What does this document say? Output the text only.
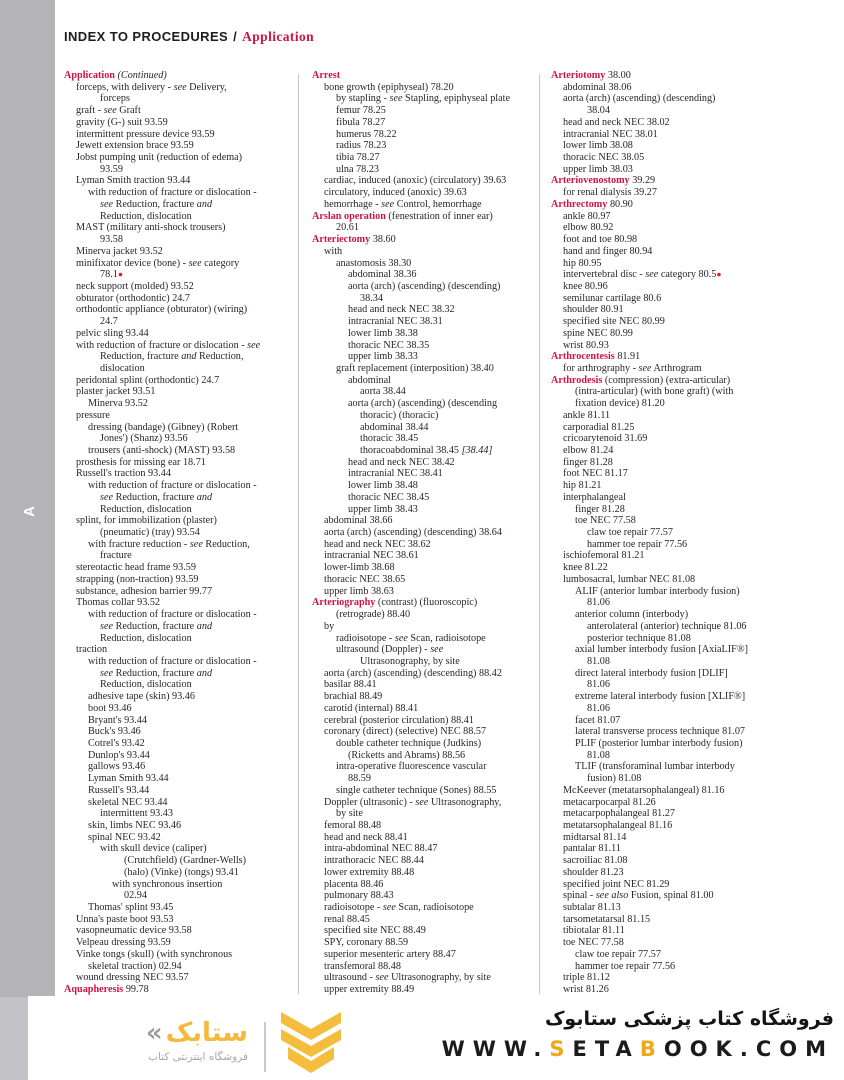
A
INDEX TO PROCEDURES / Application
Application (Continued)
forceps, with delivery - see Delivery,
forceps
graft - see Graft
gravity (G-) suit 93.59
intermittent pressure device 93.59
Jewett extension brace 93.59
Jobst pumping unit (reduction of edema)
93.59
Lyman Smith traction 93.44
with reduction of fracture or dislocation -
see Reduction, fracture and
Reduction, dislocation
MAST (military anti-shock trousers)
93.58
Minerva jacket 93.52
minifixator device (bone) - see category
78.1●
neck support (molded) 93.52
obturator (orthodontic) 24.7
orthodontic appliance (obturator) (wiring)
24.7
pelvic sling 93.44
with reduction of fracture or dislocation - see
Reduction, fracture and Reduction,
dislocation
peridontal splint (orthodontic) 24.7
plaster jacket 93.51
Minerva 93.52
pressure
dressing (bandage) (Gibney) (Robert
Jones') (Shanz) 93.56
trousers (anti-shock) (MAST) 93.58
prosthesis for missing ear 18.71
Russell's traction 93.44
with reduction of fracture or dislocation -
see Reduction, fracture and
Reduction, dislocation
splint, for immobilization (plaster)
(pneumatic) (tray) 93.54
with fracture reduction - see Reduction,
fracture
stereotactic head frame 93.59
strapping (non-traction) 93.59
substance, adhesion barrier 99.77
Thomas collar 93.52
with reduction of fracture or dislocation -
see Reduction, fracture and
Reduction, dislocation
traction
with reduction of fracture or dislocation -
see Reduction, fracture and
Reduction, dislocation
adhesive tape (skin) 93.46
boot 93.46
Bryant's 93.44
Buck's 93.46
Cotrel's 93.42
Dunlop's 93.44
gallows 93.46
Lyman Smith 93.44
Russell's 93.44
skeletal NEC 93.44
intermittent 93.43
skin, limbs NEC 93.46
spinal NEC 93.42
with skull device (caliper)
(Crutchfield) (Gardner-Wells)
(halo) (Vinke) (tongs) 93.41
with synchronous insertion
02.94
Thomas' splint 93.45
Unna's paste boot 93.53
vasopneumatic device 93.58
Velpeau dressing 93.59
Vinke tongs (skull) (with synchronous
skeletal traction) 02.94
wound dressing NEC 93.57
Aquapheresis 99.78
Arrest
bone growth (epiphyseal) 78.20
by stapling - see Stapling, epiphyseal plate
femur 78.25
fibula 78.27
humerus 78.22
radius 78.23
tibia 78.27
ulna 78.23
cardiac, induced (anoxic) (circulatory) 39.63
circulatory, induced (anoxic) 39.63
hemorrhage - see Control, hemorrhage
Arslan operation (fenestration of inner ear)
20.61
Arteriectomy 38.60
with
anastomosis 38.30
abdominal 38.36
aorta (arch) (ascending) (descending)
38.34
head and neck NEC 38.32
intracranial NEC 38.31
lower limb 38.38
thoracic NEC 38.35
upper limb 38.33
graft replacement (interposition) 38.40
abdominal
aorta 38.44
aorta (arch) (ascending) (descending
thoracic) (thoracic)
abdominal 38.44
thoracic 38.45
thoracoabdominal 38.45 [38.44]
head and neck NEC 38.42
intracranial NEC 38.41
lower limb 38.48
thoracic NEC 38.45
upper limb 38.43
abdominal 38.66
aorta (arch) (ascending) (descending) 38.64
head and neck NEC 38.62
intracranial NEC 38.61
lower-limb 38.68
thoracic NEC 38.65
upper limb 38.63
Arteriography (contrast) (fluoroscopic)
(retrograde) 88.40
by
radioisotope - see Scan, radioisotope
ultrasound (Doppler) - see
Ultrasonography, by site
aorta (arch) (ascending) (descending) 88.42
basilar 88.41
brachial 88.49
carotid (internal) 88.41
cerebral (posterior circulation) 88.41
coronary (direct) (selective) NEC 88.57
double catheter technique (Judkins)
(Ricketts and Abrams) 88.56
intra-operative fluorescence vascular
88.59
single catheter technique (Sones) 88.55
Doppler (ultrasonic) - see Ultrasonography,
by site
femoral 88.48
head and neck 88.41
intra-abdominal NEC 88.47
intrathoracic NEC 88.44
lower extremity 88.48
placenta 88.46
pulmonary 88.43
radioisotope - see Scan, radioisotope
renal 88.45
specified site NEC 88.49
SPY, coronary 88.59
superior mesenteric artery 88.47
transfemoral 88.48
ultrasound - see Ultrasonography, by site
upper extremity 88.49
Arteriotomy 38.00
abdominal 38.06
aorta (arch) (ascending) (descending)
38.04
head and neck NEC 38.02
intracranial NEC 38.01
lower limb 38.08
thoracic NEC 38.05
upper limb 38.03
Arteriovenostomy 39.29
for renal dialysis 39.27
Arthrectomy 80.90
ankle 80.97
elbow 80.92
foot and toe 80.98
hand and finger 80.94
hip 80.95
intervertebral disc - see category 80.5●
knee 80.96
semilunar cartilage 80.6
shoulder 80.91
specified site NEC 80.99
spine NEC 80.99
wrist 80.93
Arthrocentesis 81.91
for arthrography - see Arthrogram
Arthrodesis (compression) (extra-articular)
(intra-articular) (with bone graft) (with
fixation device) 81.20
ankle 81.11
carporadial 81.25
cricoarytenoid 31.69
elbow 81.24
finger 81.28
foot NEC 81.17
hip 81.21
interphalangeal
finger 81.28
toe NEC 77.58
claw toe repair 77.57
hammer toe repair 77.56
ischiofemoral 81.21
knee 81.22
lumbosacral, lumbar NEC 81.08
ALIF (anterior lumbar interbody fusion)
81.06
anterior column (interbody)
anterolateral (anterior) technique 81.06
posterior technique 81.08
axial lumber interbody fusion [AxiaLIF®]
81.08
direct lateral interbody fusion [DLIF]
81.06
extreme lateral interbody fusion [XLIF®]
81.06
facet 81.07
lateral transverse process technique 81.07
PLIF (posterior lumbar interbody fusion)
81.08
TLIF (transforaminal lumbar interbody
fusion) 81.08
McKeever (metatarsophalangeal) 81.16
metacarpocarpal 81.26
metacarpophalangeal 81.27
metatarsophalangeal 81.16
midtarsal 81.14
pantalar 81.11
sacroiliac 81.08
shoulder 81.23
specified joint NEC 81.29
spinal - see also Fusion, spinal 81.00
subtalar 81.13
tarsometatarsal 81.15
tibiotalar 81.11
toe NEC 77.58
claw toe repair 77.57
hammer toe repair 77.56
triple 81.12
wrist 81.26
« ستابک
فروشگاه اینترنتی کتاب
فروشگاه کتاب پزشکی ستابوک
WWW.SETABOOK.COM
